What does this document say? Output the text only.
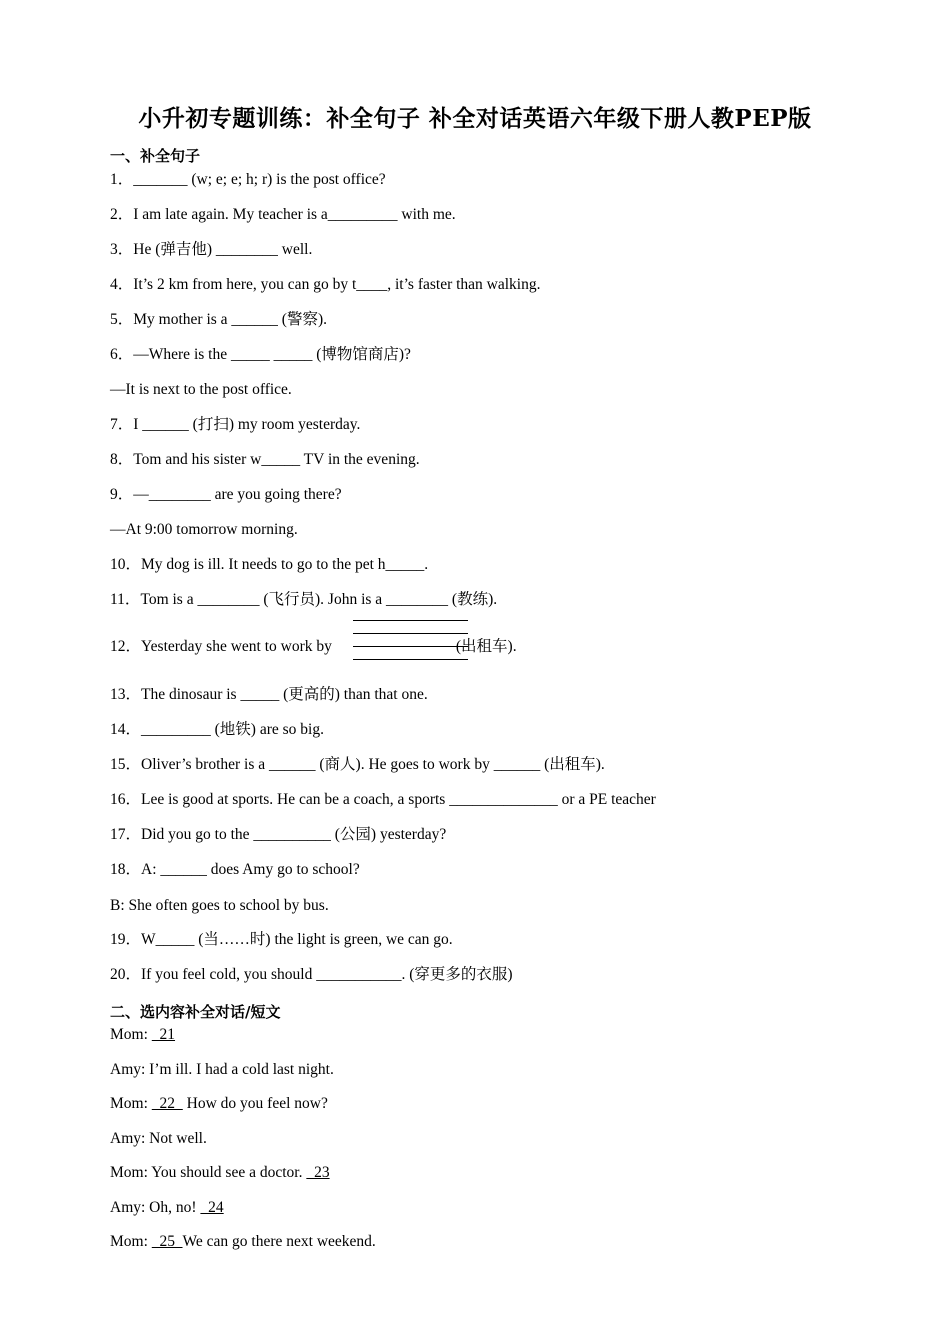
小升初专题训练：补全句子 补全对话英语六年级下册人教PEP版
一、补全句子
1．_______ (w; e; e; h; r) is the post office?
2．I am late again. My teacher is a_________ with me.
3．He (弹吉他) ________ well.
4．It’s 2 km from here, you can go by t____, it’s faster than walking.
5．My mother is a ______ (警察).
6．—Where is the _____ _____ (博物馆商店)?
—It is next to the post office.
7．I ______ (打扫) my room yesterday.
8．Tom and his sister w_____ TV in the evening.
9．—________ are you going there?
—At 9:00 tomorrow morning.
10．My dog is ill. It needs to go to the pet h_____.
11．Tom is a ________ (飞行员). John is a ________ (教练).
12．Yesterday she went to work by	(出租车).
13．The dinosaur is _____ (更高的) than that one.
14．_________ (地铁) are so big.
15．Oliver’s brother is a ______ (商人). He goes to work by ______ (出租车).
16．Lee is good at sports. He can be a coach, a sports ______________ or a PE teacher
17．Did you go to the __________ (公园) yesterday?
18．A: ______ does Amy go to school?
B: She often goes to school by bus.
19．W_____ (当……时) the light is green, we can go.
20．If you feel cold, you should ___________. (穿更多的衣服)
二、选内容补全对话/短文
Mom:   21
Amy: I’m ill. I had a cold last night.
Mom:   22   How do you feel now?
Amy: Not well.
Mom: You should see a doctor.   23
Amy: Oh, no!   24
Mom:   25  We can go there next weekend.
